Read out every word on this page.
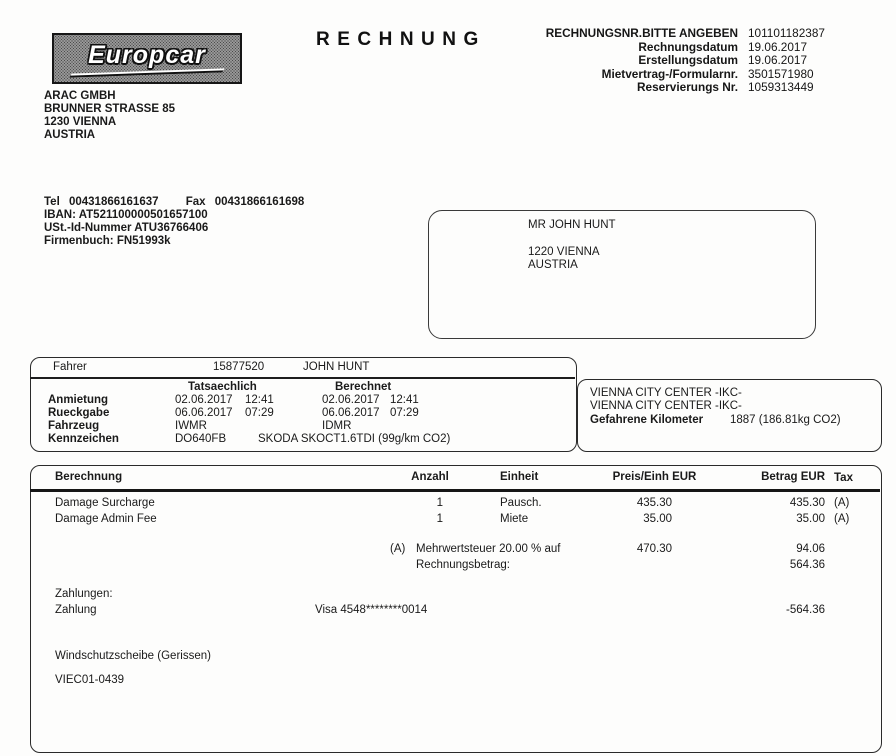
Europcar
RECHNUNG	RECHNUNGSNR.BITTE ANGEBEN 101101182387
Rechnungsdatum 19.06.2017
Erstellungsdatum 19.06.2017
Mietvertrag-/Formularnr. 3501571980
Reservierungs Nr. 1059313449
ARAC GMBH
BRUNNER STRASSE 85
1230 VIENNA
AUSTRIA
Tel 00431866161637 Fax 00431866161698
IBAN: AT521100000501657100
USt.-Id-Nummer ATU36766406
Firmenbuch: FN51993k
MR JOHN HUNT
1220 VIENNA
AUSTRIA
Fahrer	15877520	JOHN HUNT
Tatsaechlich	Berechnet
Anmietung	02.06.2017 12:41	02.06.2017 12:41
Rueckgabe	06.06.2017 07:29	06.06.2017 07:29
Fahrzeug	IWMR	IDMR
Kennzeichen	DO640FB	SKODA SKOCT1.6TDI (99g/km CO2)
VIENNA CITY CENTER -IKC-
VIENNA CITY CENTER -IKC-
Gefahrene Kilometer 1887 (186.81kg CO2)
Berechnung	Anzahl	Einheit	Preis/Einh EUR	Betrag EUR Tax
Damage Surcharge	1	Pausch.	435.30	435.30 (A)
Damage Admin Fee	1	Miete	35.00	35.00 (A)
(A) Mehrwertsteuer 20.00 % auf	470.30	94.06
Rechnungsbetrag:	564.36
Zahlungen:
Zahlung	Visa 4548********0014	-564.36
Windschutzscheibe (Gerissen)
VIEC01-0439
